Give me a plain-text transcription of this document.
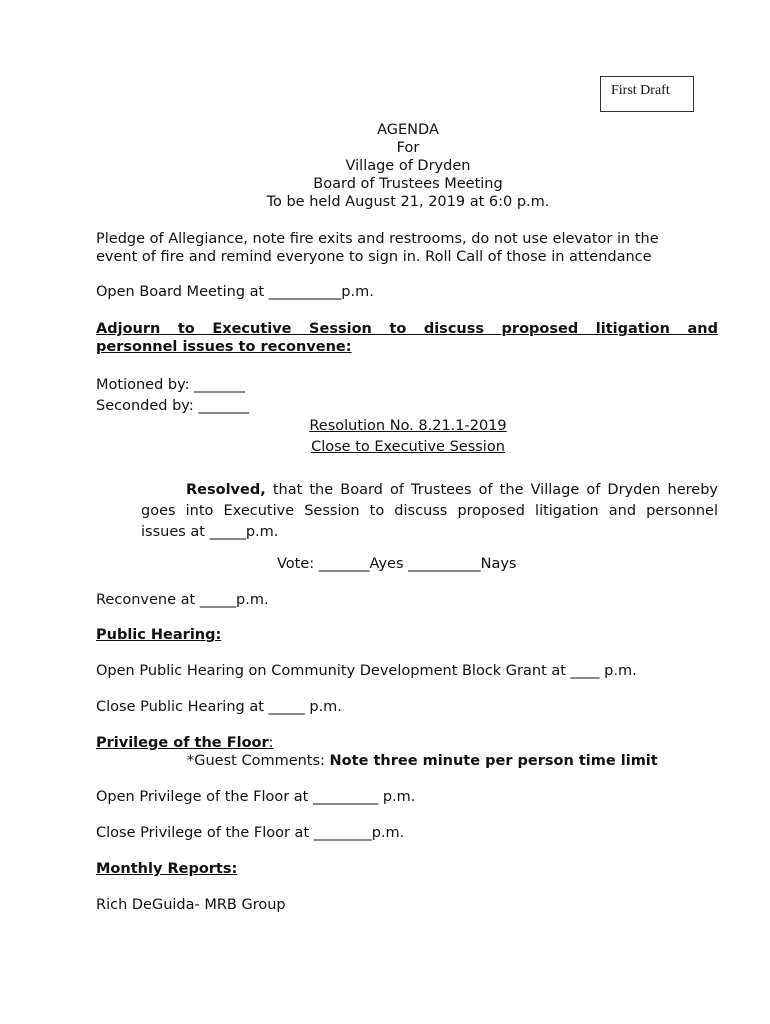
First Draft
AGENDA
For
Village of Dryden
Board of Trustees Meeting
To be held August 21, 2019 at 6:0 p.m.
Pledge of Allegiance, note fire exits and restrooms, do not use elevator in the
event of fire and remind everyone to sign in. Roll Call of those in attendance
Open Board Meeting at __________p.m.
Adjourn to Executive Session to discuss proposed litigation and
personnel issues to reconvene:
Motioned by: _______
Seconded by: _______
Resolution No. 8.21.1-2019
Close to Executive Session
Resolved, that the Board of Trustees of the Village of Dryden hereby
goes into Executive Session to discuss proposed litigation and personnel
issues at _____p.m.
Vote: _______Ayes __________Nays
Reconvene at _____p.m.
Public Hearing:
Open Public Hearing on Community Development Block Grant at ____ p.m.
Close Public Hearing at _____ p.m.
Privilege of the Floor:
*Guest Comments: Note three minute per person time limit
Open Privilege of the Floor at _________ p.m.
Close Privilege of the Floor at ________p.m.
Monthly Reports:
Rich DeGuida- MRB Group
